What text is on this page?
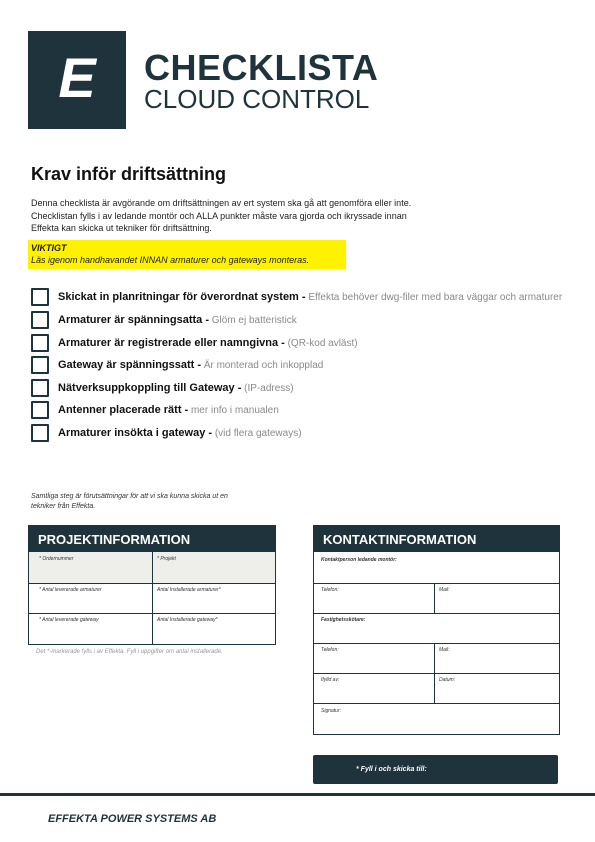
E	CHECKLISTA
CLOUD CONTROL
Krav inför driftsättning
Denna checklista är avgörande om driftsättningen av ert system ska gå att genomföra eller inte.
Checklistan fylls i av ledande montör och ALLA punkter måste vara gjorda och ikryssade innan
Effekta kan skicka ut tekniker för driftsättning.
VIKTIGT
Läs igenom handhavandet INNAN armaturer och gateways monteras.
Skickat in planritningar för överordnat system - Effekta behöver dwg-filer med bara väggar och armaturer
Armaturer är spänningsatta - Glöm ej batteristick
Armaturer är registrerade eller namngivna - (QR-kod avläst)
Gateway är spänningssatt - Är monterad och inkopplad
Nätverksuppkoppling till Gateway - (IP-adress)
Antenner placerade rätt - mer info i manualen
Armaturer insökta i gateway - (vid flera gateways)
Samtliga steg är förutsättningar för att vi ska kunna skicka ut en
tekniker från Effekta.
PROJEKTINFORMATION
* Ordernummer	* Projekt
* Antal levererade armaturer	Antal Installerade armaturer*
* Antal levererade gateway	Antal Installerade gateway*
Det *-markerade fylls i av Effekta. Fyll i uppgifter om antal installerade.
KONTAKTINFORMATION
Kontaktperson ledande montör:
Telefon:	Mail:
Fastighetsskötare:
Telefon:	Mail:
Ifylld av:	Datum:
Signatur:
* Fyll i och skicka till:
EFFEKTA POWER SYSTEMS AB
